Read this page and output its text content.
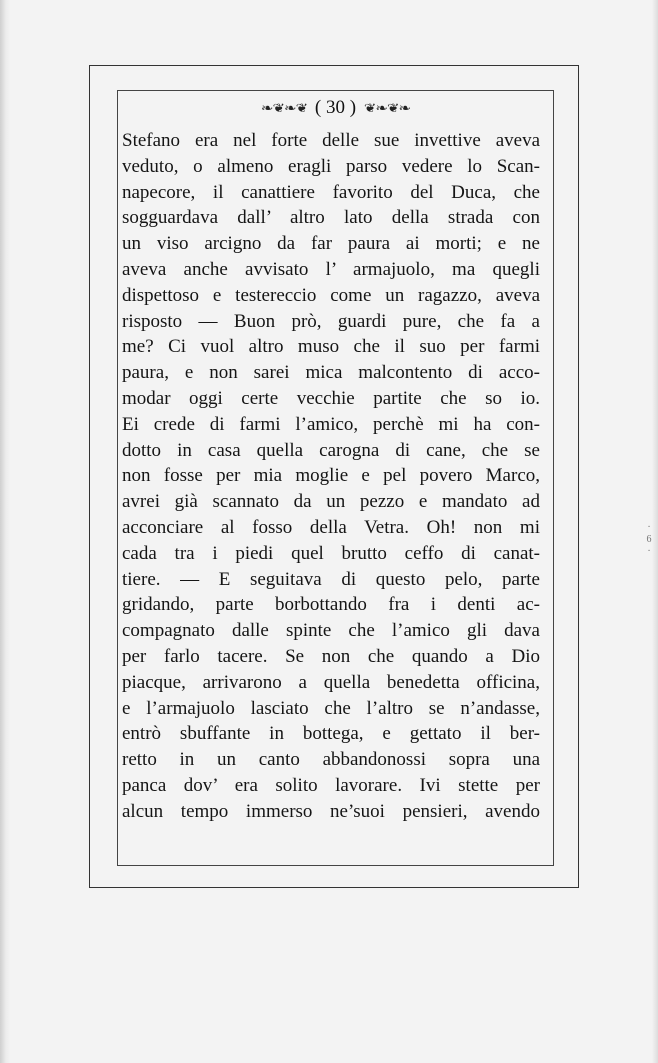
❧❦❧❦ ( 30 ) ❦❧❦❧
Stefano era nel forte delle sue invettive aveva
veduto, o almeno eragli parso vedere lo Scan-
napecore, il canattiere favorito del Duca, che
sogguardava dall’ altro lato della strada con
un viso arcigno da far paura ai morti; e ne
aveva anche avvisato l’ armajuolo, ma quegli
dispettoso e testereccio come un ragazzo, aveva
risposto — Buon prò, guardi pure, che fa a
me? Ci vuol altro muso che il suo per farmi
paura, e non sarei mica malcontento di acco-
modar oggi certe vecchie partite che so io.
Ei crede di farmi l’amico, perchè mi ha con-
dotto in casa quella carogna di cane, che se
non fosse per mia moglie e pel povero Marco,
avrei già scannato da un pezzo e mandato ad
acconciare al fosso della Vetra. Oh! non mi
cada tra i piedi quel brutto ceffo di canat-
tiere. — E seguitava di questo pelo, parte
gridando, parte borbottando fra i denti ac-
compagnato dalle spinte che l’amico gli dava
per farlo tacere. Se non che quando a Dio
piacque, arrivarono a quella benedetta officina,
e l’armajuolo lasciato che l’altro se n’andasse,
entrò sbuffante in bottega, e gettato il ber-
retto in un canto abbandonossi sopra una
panca dov’ era solito lavorare. Ivi stette per
alcun tempo immerso ne’suoi pensieri, avendo
·
6
·
